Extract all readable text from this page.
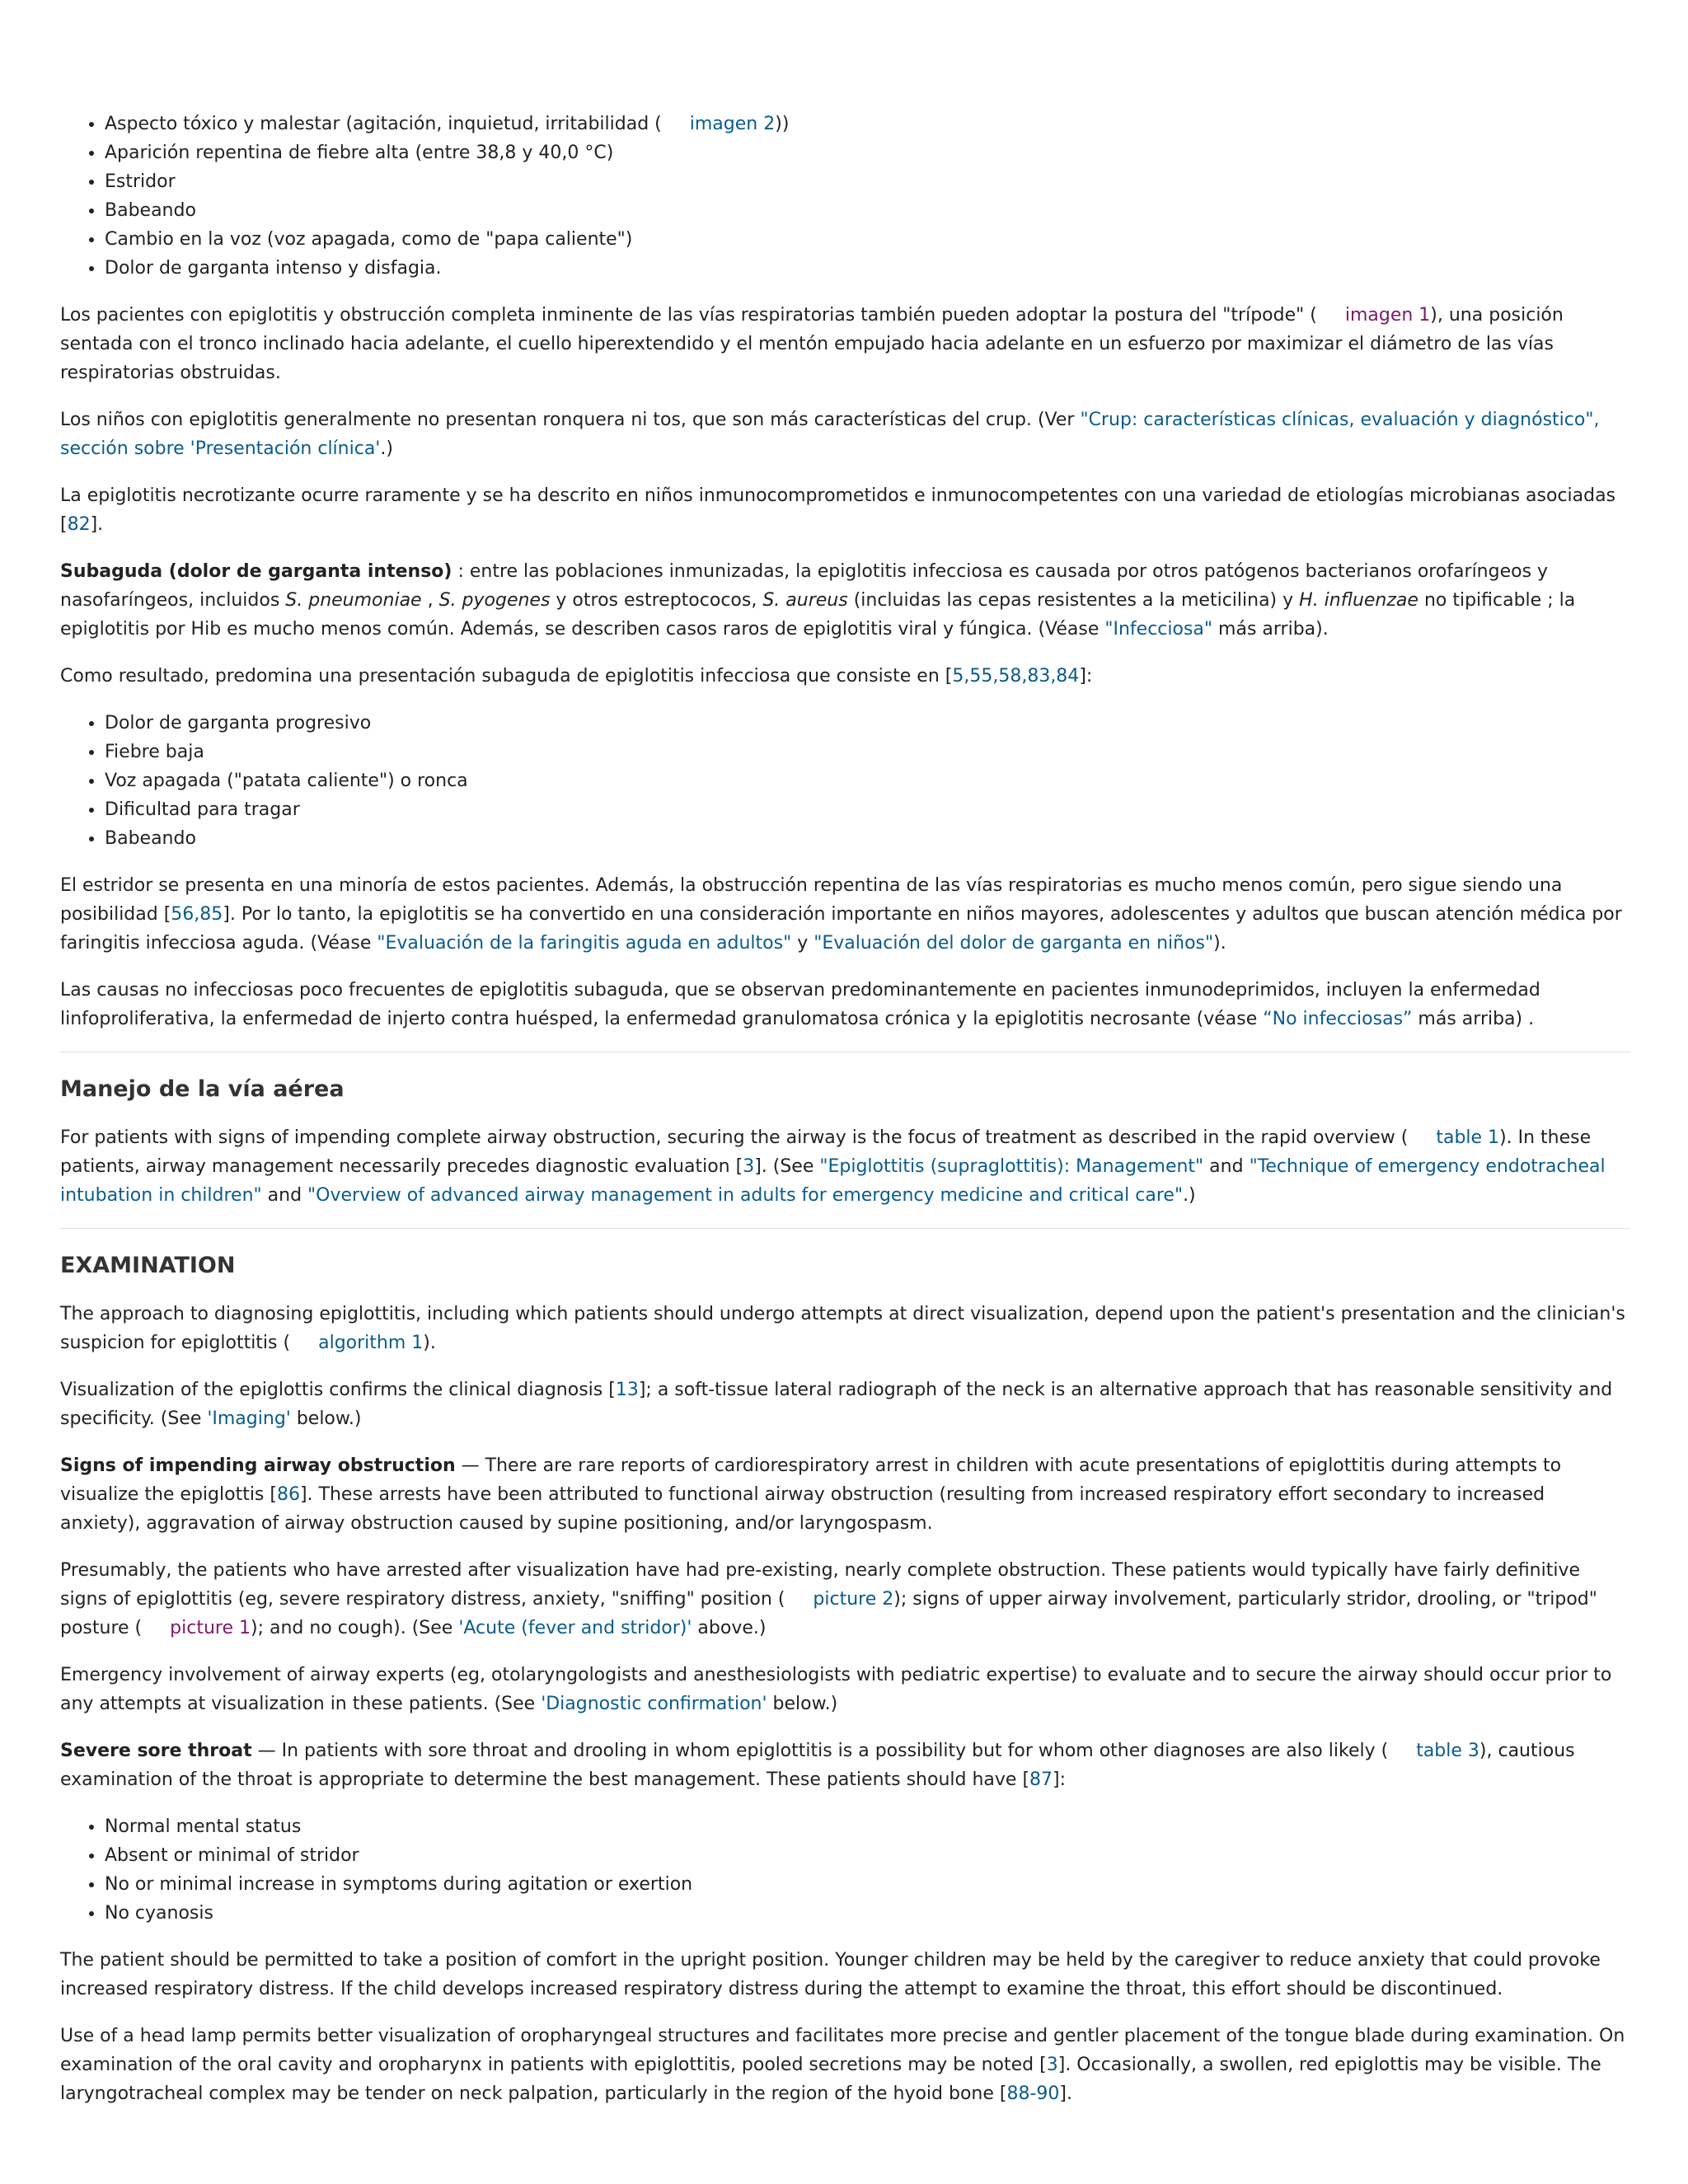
• Aspecto tóxico y malestar (agitación, inquietud, irritabilidad ( imagen 2))
• Aparición repentina de fiebre alta (entre 38,8 y 40,0 °C)
• Estridor
• Babeando
• Cambio en la voz (voz apagada, como de "papa caliente")
• Dolor de garganta intenso y disfagia.

Los pacientes con epiglotitis y obstrucción completa inminente de las vías respiratorias también pueden adoptar la postura del "trípode" ( imagen 1), una posición sentada con el tronco inclinado hacia adelante, el cuello hiperextendido y el mentón empujado hacia adelante en un esfuerzo por maximizar el diámetro de las vías respiratorias obstruidas.

Los niños con epiglotitis generalmente no presentan ronquera ni tos, que son más características del crup. (Ver "Crup: características clínicas, evaluación y diagnóstico", sección sobre 'Presentación clínica'.)

La epiglotitis necrotizante ocurre raramente y se ha descrito en niños inmunocomprometidos e inmunocompetentes con una variedad de etiologías microbianas asociadas [82].

Subaguda (dolor de garganta intenso) : entre las poblaciones inmunizadas, la epiglotitis infecciosa es causada por otros patógenos bacterianos orofaríngeos y nasofaríngeos, incluidos S. pneumoniae , S. pyogenes y otros estreptococos, S. aureus (incluidas las cepas resistentes a la meticilina) y H. influenzae no tipificable ; la epiglotitis por Hib es mucho menos común. Además, se describen casos raros de epiglotitis viral y fúngica. (Véase "Infecciosa" más arriba).

Como resultado, predomina una presentación subaguda de epiglotitis infecciosa que consiste en [5,55,58,83,84]:

• Dolor de garganta progresivo
• Fiebre baja
• Voz apagada ("patata caliente") o ronca
• Dificultad para tragar
• Babeando

El estridor se presenta en una minoría de estos pacientes. Además, la obstrucción repentina de las vías respiratorias es mucho menos común, pero sigue siendo una posibilidad [56,85]. Por lo tanto, la epiglotitis se ha convertido en una consideración importante en niños mayores, adolescentes y adultos que buscan atención médica por faringitis infecciosa aguda. (Véase "Evaluación de la faringitis aguda en adultos" y "Evaluación del dolor de garganta en niños").

Las causas no infecciosas poco frecuentes de epiglotitis subaguda, que se observan predominantemente en pacientes inmunodeprimidos, incluyen la enfermedad linfoproliferativa, la enfermedad de injerto contra huésped, la enfermedad granulomatosa crónica y la epiglotitis necrosante (véase “No infecciosas” más arriba) .

Manejo de la vía aérea

For patients with signs of impending complete airway obstruction, securing the airway is the focus of treatment as described in the rapid overview ( table 1). In these patients, airway management necessarily precedes diagnostic evaluation [3]. (See "Epiglottitis (supraglottitis): Management" and "Technique of emergency endotracheal intubation in children" and "Overview of advanced airway management in adults for emergency medicine and critical care".)

EXAMINATION

The approach to diagnosing epiglottitis, including which patients should undergo attempts at direct visualization, depend upon the patient's presentation and the clinician's suspicion for epiglottitis ( algorithm 1).

Visualization of the epiglottis confirms the clinical diagnosis [13]; a soft-tissue lateral radiograph of the neck is an alternative approach that has reasonable sensitivity and specificity. (See 'Imaging' below.)

Signs of impending airway obstruction — There are rare reports of cardiorespiratory arrest in children with acute presentations of epiglottitis during attempts to visualize the epiglottis [86]. These arrests have been attributed to functional airway obstruction (resulting from increased respiratory effort secondary to increased anxiety), aggravation of airway obstruction caused by supine positioning, and/or laryngospasm.

Presumably, the patients who have arrested after visualization have had pre-existing, nearly complete obstruction. These patients would typically have fairly definitive signs of epiglottitis (eg, severe respiratory distress, anxiety, "sniffing" position ( picture 2); signs of upper airway involvement, particularly stridor, drooling, or "tripod" posture ( picture 1); and no cough). (See 'Acute (fever and stridor)' above.)

Emergency involvement of airway experts (eg, otolaryngologists and anesthesiologists with pediatric expertise) to evaluate and to secure the airway should occur prior to any attempts at visualization in these patients. (See 'Diagnostic confirmation' below.)

Severe sore throat — In patients with sore throat and drooling in whom epiglottitis is a possibility but for whom other diagnoses are also likely ( table 3), cautious examination of the throat is appropriate to determine the best management. These patients should have [87]:

• Normal mental status
• Absent or minimal of stridor
• No or minimal increase in symptoms during agitation or exertion
• No cyanosis

The patient should be permitted to take a position of comfort in the upright position. Younger children may be held by the caregiver to reduce anxiety that could provoke increased respiratory distress. If the child develops increased respiratory distress during the attempt to examine the throat, this effort should be discontinued.

Use of a head lamp permits better visualization of oropharyngeal structures and facilitates more precise and gentler placement of the tongue blade during examination. On examination of the oral cavity and oropharynx in patients with epiglottitis, pooled secretions may be noted [3]. Occasionally, a swollen, red epiglottis may be visible. The laryngotracheal complex may be tender on neck palpation, particularly in the region of the hyoid bone [88-90].
